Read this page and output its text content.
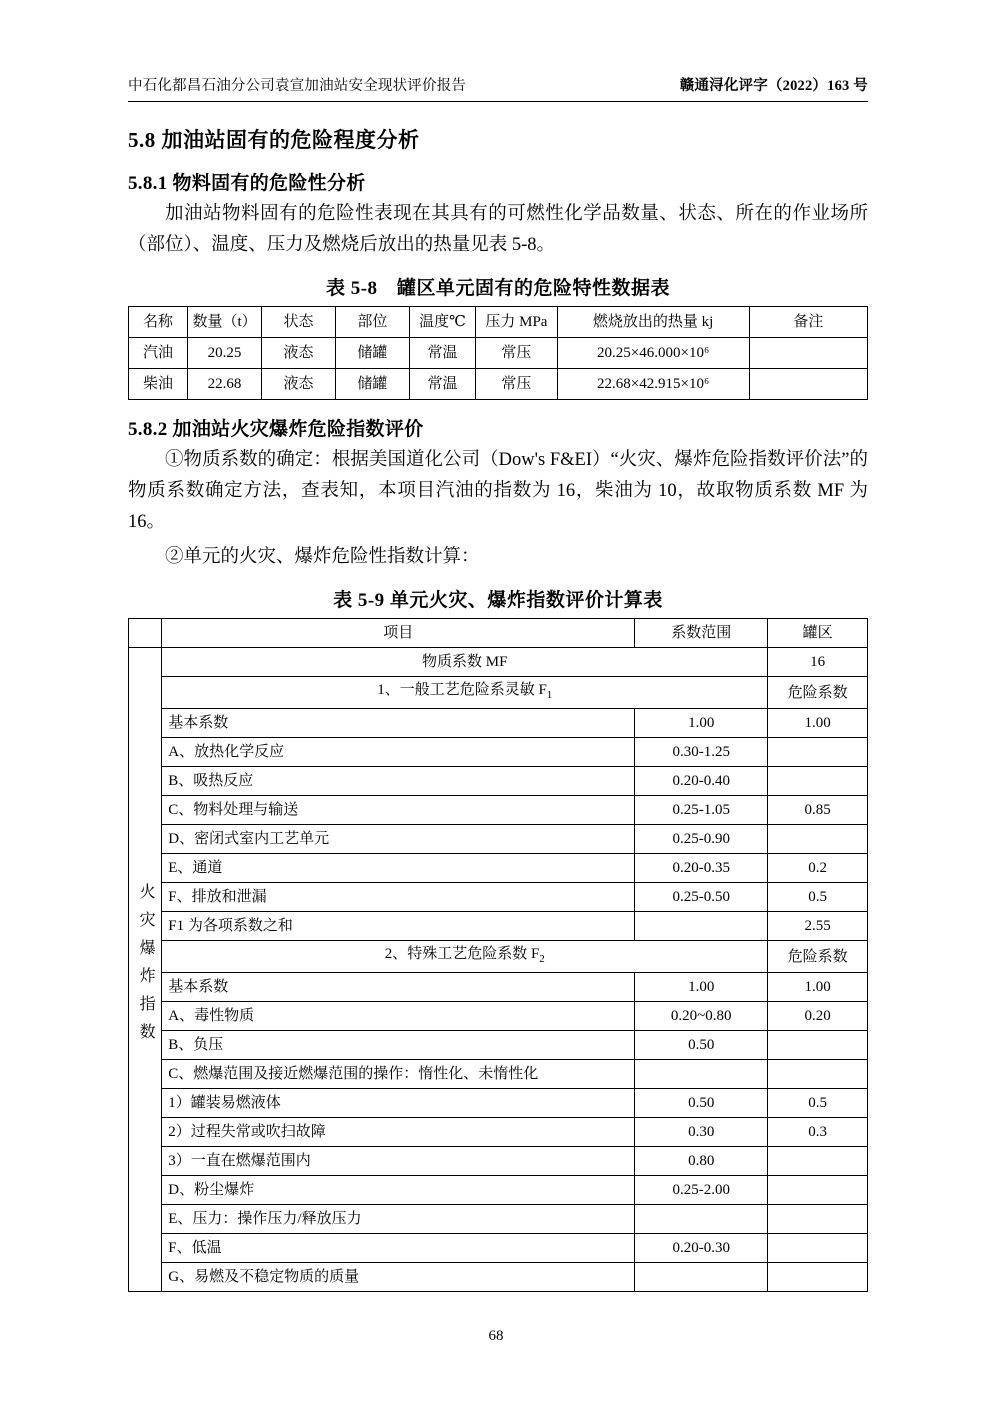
中石化都昌石油分公司袁宣加油站安全现状评价报告	赣通浔化评字（2022）163 号
5.8 加油站固有的危险程度分析
5.8.1 物料固有的危险性分析

加油站物料固有的危险性表现在其具有的可燃性化学品数量、状态、所在的作业场所（部位）、温度、压力及燃烧后放出的热量见表 5-8。

表 5-8　罐区单元固有的危险特性数据表
名称	数量（t）	状态	部位	温度℃	压力 MPa	燃烧放出的热量 kj	备注
汽油	20.25	液态	储罐	常温	常压	20.25×46.000×10⁶	
柴油	22.68	液态	储罐	常温	常压	22.68×42.915×10⁶	
5.8.2 加油站火灾爆炸危险指数评价

①物质系数的确定：根据美国道化公司（Dow's F&EI）“火灾、爆炸危险指数评价法”的物质系数确定方法，查表知，本项目汽油的指数为 16，柴油为 10，故取物质系数 MF 为 16。

②单元的火灾、爆炸危险性指数计算：

表 5-9 单元火灾、爆炸指数评价计算表
	项目	系数范围	罐区
火灾爆炸指数	物质系数 MF		16
	1、一般工艺危险系灵敏 $F_1$		危险系数
	基本系数	1.00	1.00
	A、放热化学反应	0.30-1.25	
	B、吸热反应	0.20-0.40	
	C、物料处理与输送	0.25-1.05	0.85
	D、密闭式室内工艺单元	0.25-0.90	
	E、通道	0.20-0.35	0.2
	F、排放和泄漏	0.25-0.50	0.5
	F1 为各项系数之和		2.55
	2、特殊工艺危险系数 $F_2$		危险系数
	基本系数	1.00	1.00
	A、毒性物质	0.20~0.80	0.20
	B、负压	0.50	
	C、燃爆范围及接近燃爆范围的操作：惰性化、未惰性化		
	1）罐装易燃液体	0.50	0.5
	2）过程失常或吹扫故障	0.30	0.3
	3）一直在燃爆范围内	0.80	
	D、粉尘爆炸	0.25-2.00	
	E、压力：操作压力/释放压力		
	F、低温	0.20-0.30	
	G、易燃及不稳定物质的质量		
68
